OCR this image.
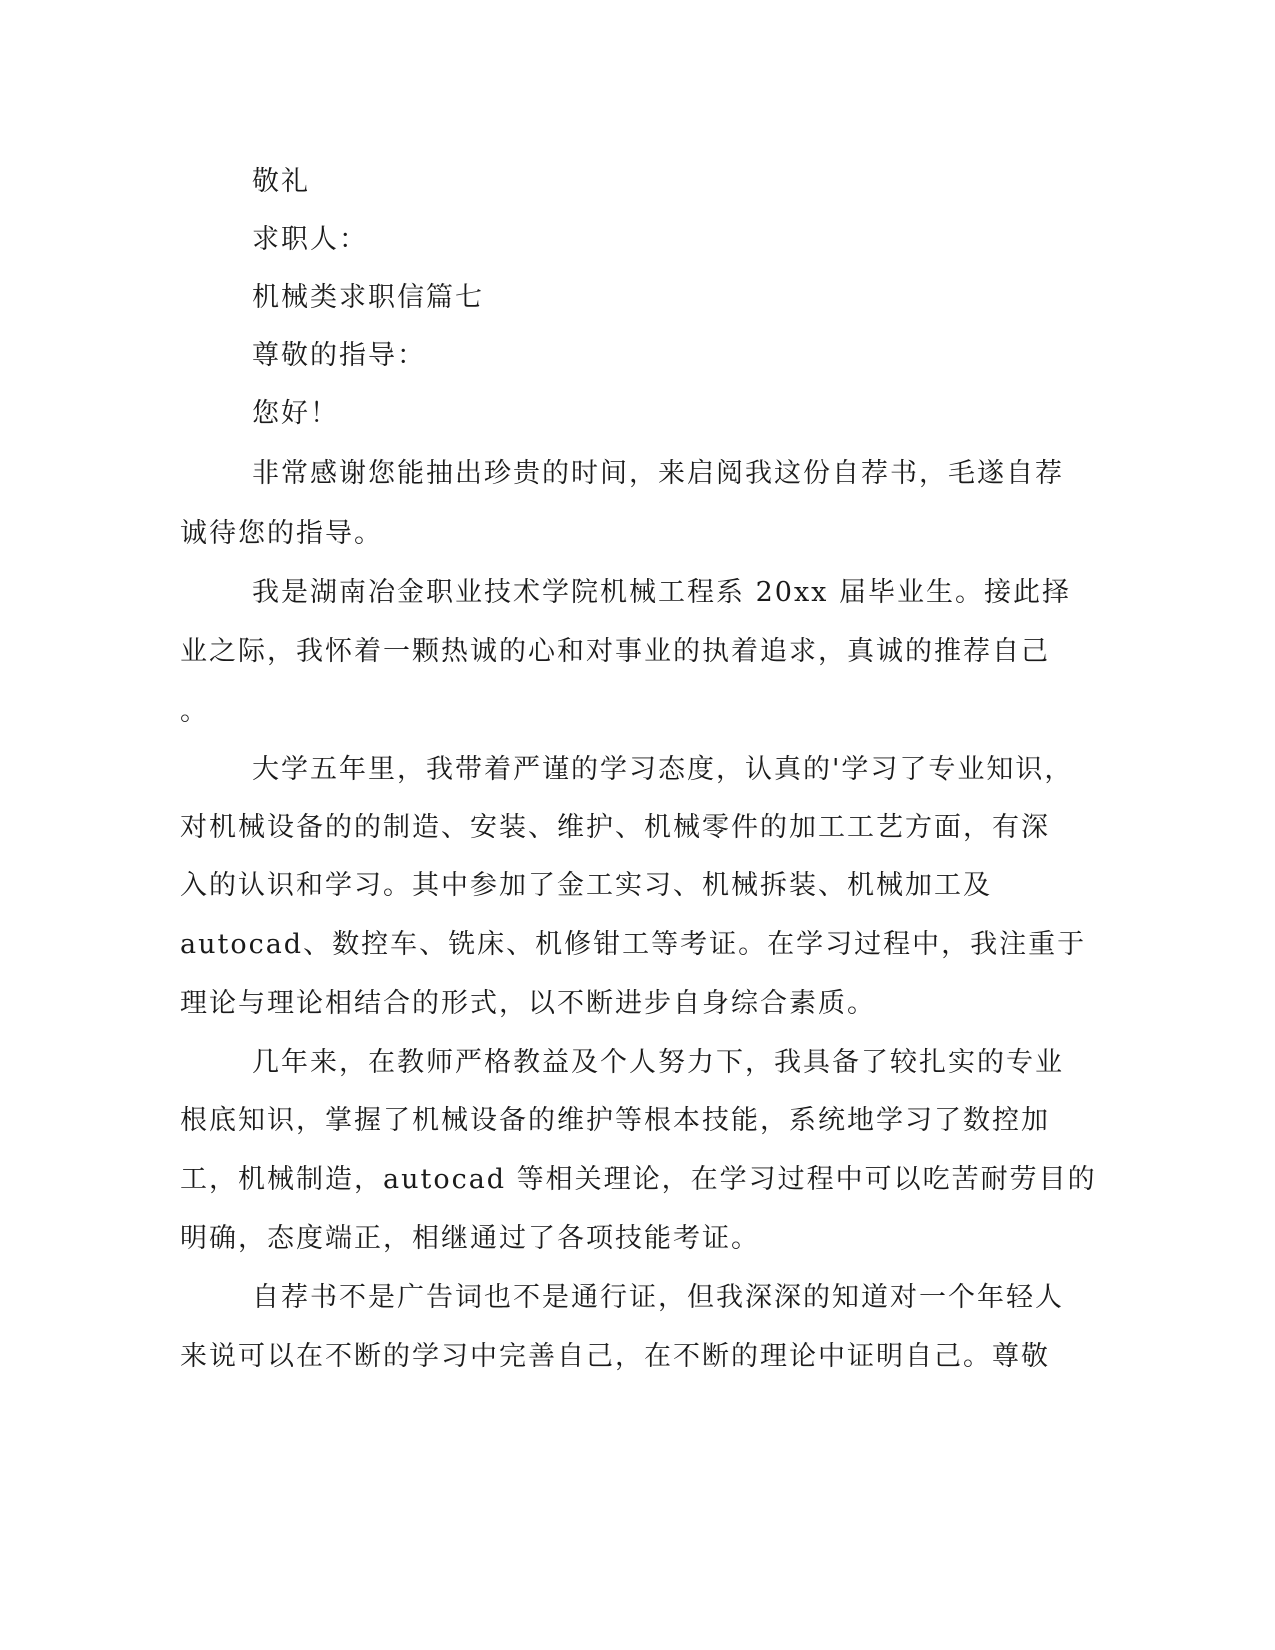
敬礼
求职人：
机械类求职信篇七
尊敬的指导：
您好！
非常感谢您能抽出珍贵的时间，来启阅我这份自荐书，毛遂自荐
诚待您的指导。
我是湖南冶金职业技术学院机械工程系 20xx 届毕业生。接此择
业之际，我怀着一颗热诚的心和对事业的执着追求，真诚的推荐自己
。
大学五年里，我带着严谨的学习态度，认真的'学习了专业知识，
对机械设备的的制造、安装、维护、机械零件的加工工艺方面，有深
入的认识和学习。其中参加了金工实习、机械拆装、机械加工及
autocad、数控车、铣床、机修钳工等考证。在学习过程中，我注重于
理论与理论相结合的形式，以不断进步自身综合素质。
几年来，在教师严格教益及个人努力下，我具备了较扎实的专业
根底知识，掌握了机械设备的维护等根本技能，系统地学习了数控加
工，机械制造，autocad 等相关理论，在学习过程中可以吃苦耐劳目的
明确，态度端正，相继通过了各项技能考证。
自荐书不是广告词也不是通行证，但我深深的知道对一个年轻人
来说可以在不断的学习中完善自己，在不断的理论中证明自己。尊敬
